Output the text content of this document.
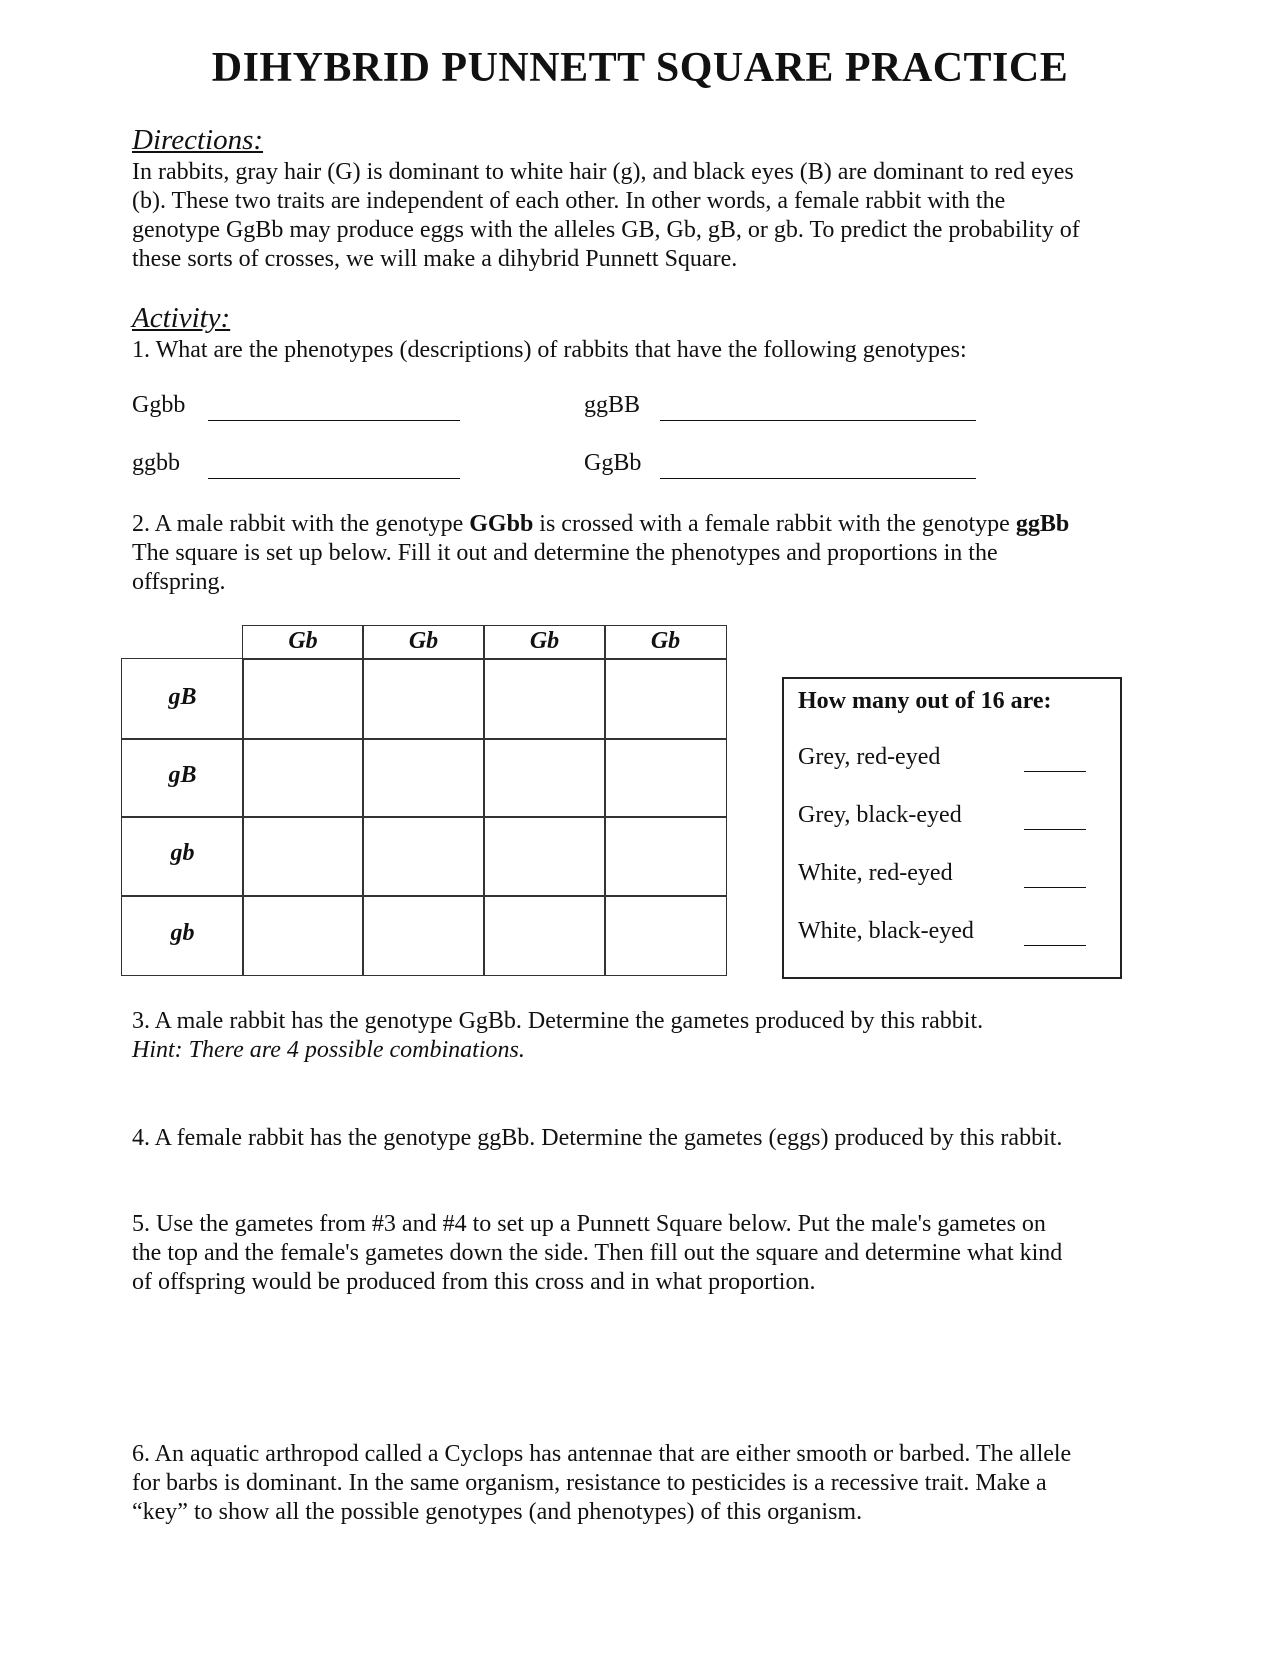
DIHYBRID PUNNETT SQUARE PRACTICE
Directions:
In rabbits, gray hair (G) is dominant to white hair (g), and black eyes (B) are dominant to red eyes
(b). These two traits are independent of each other. In other words, a female rabbit with the
genotype GgBb may produce eggs with the alleles GB, Gb, gB, or gb. To predict the probability of
these sorts of crosses, we will make a dihybrid Punnett Square.
Activity:
1. What are the phenotypes (descriptions) of rabbits that have the following genotypes:
Ggbb	ggBB
ggbb	GgBb
2. A male rabbit with the genotype GGbb is crossed with a female rabbit with the genotype ggBb
The square is set up below. Fill it out and determine the phenotypes and proportions in the
offspring.
Gb	Gb	Gb	Gb
gB
gB
gb
gb
How many out of 16 are:
Grey, red-eyed
Grey, black-eyed
White, red-eyed
White, black-eyed
3. A male rabbit has the genotype GgBb. Determine the gametes produced by this rabbit.
Hint: There are 4 possible combinations.
4. A female rabbit has the genotype ggBb. Determine the gametes (eggs) produced by this rabbit.
5. Use the gametes from #3 and #4 to set up a Punnett Square below. Put the male's gametes on
the top and the female's gametes down the side. Then fill out the square and determine what kind
of offspring would be produced from this cross and in what proportion.
6. An aquatic arthropod called a Cyclops has antennae that are either smooth or barbed. The allele
for barbs is dominant. In the same organism, resistance to pesticides is a recessive trait. Make a
“key” to show all the possible genotypes (and phenotypes) of this organism.
